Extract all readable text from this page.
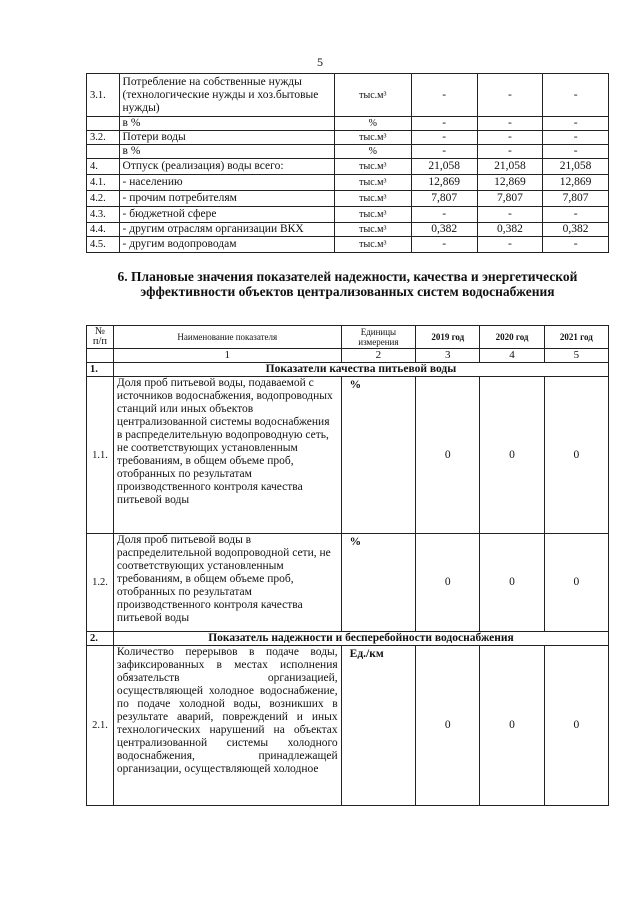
5
3.1.	Потребление на собственные нужды (технологические нужды и хоз.бытовые нужды)	тыс.м³	-	-	-
	в %	%	-	-	-
3.2.	Потери воды	тыс.м³	-	-	-
	в %	%	-	-	-
4.	Отпуск (реализация) воды всего:	тыс.м³	21,058	21,058	21,058
4.1.	- населению	тыс.м³	12,869	12,869	12,869
4.2.	- прочим потребителям	тыс.м³	7,807	7,807	7,807
4.3.	- бюджетной сфере	тыс.м³	-	-	-
4.4.	- другим отраслям организации ВКХ	тыс.м³	0,382	0,382	0,382
4.5.	- другим водопроводам	тыс.м³	-	-	-
6. Плановые значения показателей надежности, качества и энергетической эффективности объектов централизованных систем водоснабжения
№ п/п	Наименование показателя	Единицы измерения	2019 год	2020 год	2021 год
	1	2	3	4	5
1.	Показатели качества питьевой воды				
1.1.	Доля проб питьевой воды, подаваемой с источников водоснабжения, водопроводных станций или иных объектов централизованной системы водоснабжения в распределительную водопроводную сеть, не соответствующих установленным требованиям, в общем объеме проб, отобранных по результатам производственного контроля качества питьевой воды	%	0	0	0
1.2.	Доля проб питьевой воды в распределительной водопроводной сети, не соответствующих установленным требованиям, в общем объеме проб, отобранных по результатам производственного контроля качества питьевой воды	%	0	0	0
2.	Показатель надежности и бесперебойности водоснабжения				
2.1.	Количество перерывов в подаче воды, зафиксированных в местах исполнения обязательств организацией, осуществляющей холодное водоснабжение, по подаче холодной воды, возникших в результате аварий, повреждений и иных технологических нарушений на объектах централизованной системы холодного водоснабжения, принадлежащей организации, осуществляющей холодное	Ед./км	0	0	0
